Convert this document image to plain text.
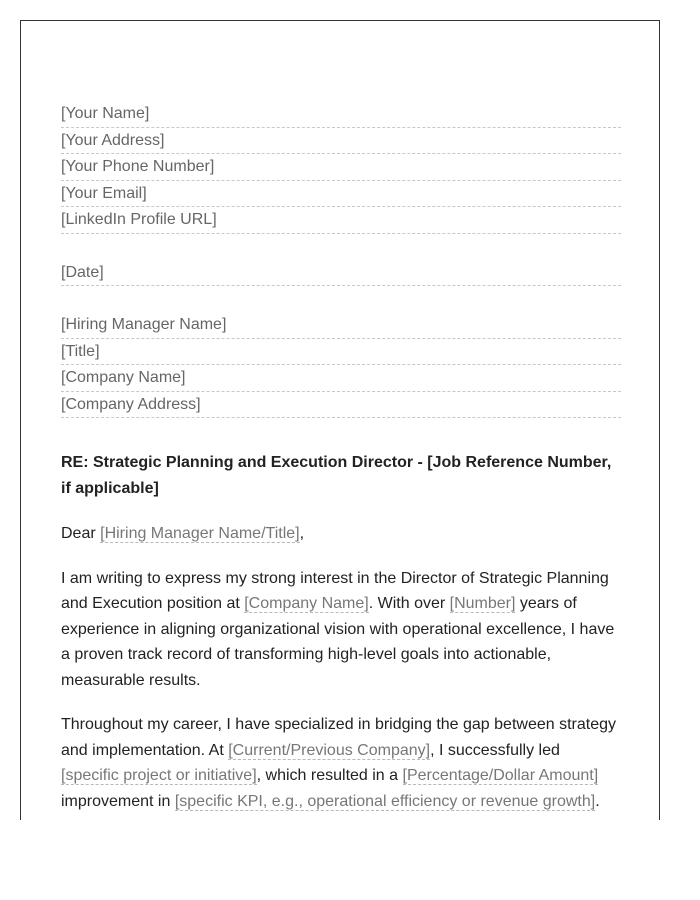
[Your Name]
[Your Address]
[Your Phone Number]
[Your Email]
[LinkedIn Profile URL]
[Date]
[Hiring Manager Name]
[Title]
[Company Name]
[Company Address]
RE: Strategic Planning and Execution Director - [Job Reference Number, if applicable]
Dear [Hiring Manager Name/Title],
I am writing to express my strong interest in the Director of Strategic Planning and Execution position at [Company Name]. With over [Number] years of experience in aligning organizational vision with operational excellence, I have a proven track record of transforming high-level goals into actionable, measurable results.
Throughout my career, I have specialized in bridging the gap between strategy and implementation. At [Current/Previous Company], I successfully led [specific project or initiative], which resulted in a [Percentage/Dollar Amount] improvement in [specific KPI, e.g., operational efficiency or revenue growth].
